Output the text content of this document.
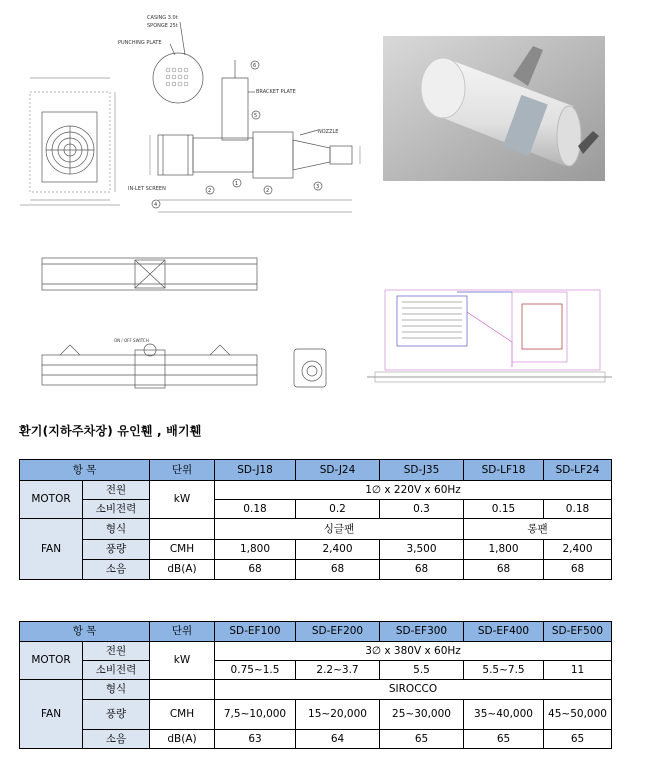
CASING 3.0t
SPONGE 25t
PUNCHING PLATE
BRACKET PLATE
NOZZLE
IN-LET SCREEN
6
5
2
1
2
3
4
ON / OFF SWITCH
환기(지하주차장) 유인휀 , 배기휀
항 목		단위	SD-J18	SD-J24	SD-J35	SD-LF18	SD-LF24
MOTOR	전원	kW	1∅ x 220V x 60Hz				
	소비전력		0.18	0.2	0.3	0.15	0.18
FAN	형식		싱글팬			롱팬	
	풍량	CMH	1,800	2,400	3,500	1,800	2,400
	소음	dB(A)	68	68	68	68	68
항 목		단위	SD-EF100	SD-EF200	SD-EF300	SD-EF400	SD-EF500
MOTOR	전원	kW	3∅ x 380V x 60Hz				
	소비전력		0.75~1.5	2.2~3.7	5.5	5.5~7.5	11
FAN	형식		SIROCCO				
	풍량	CMH	7,5~10,000	15~20,000	25~30,000	35~40,000	45~50,000
	소음	dB(A)	63	64	65	65	65
